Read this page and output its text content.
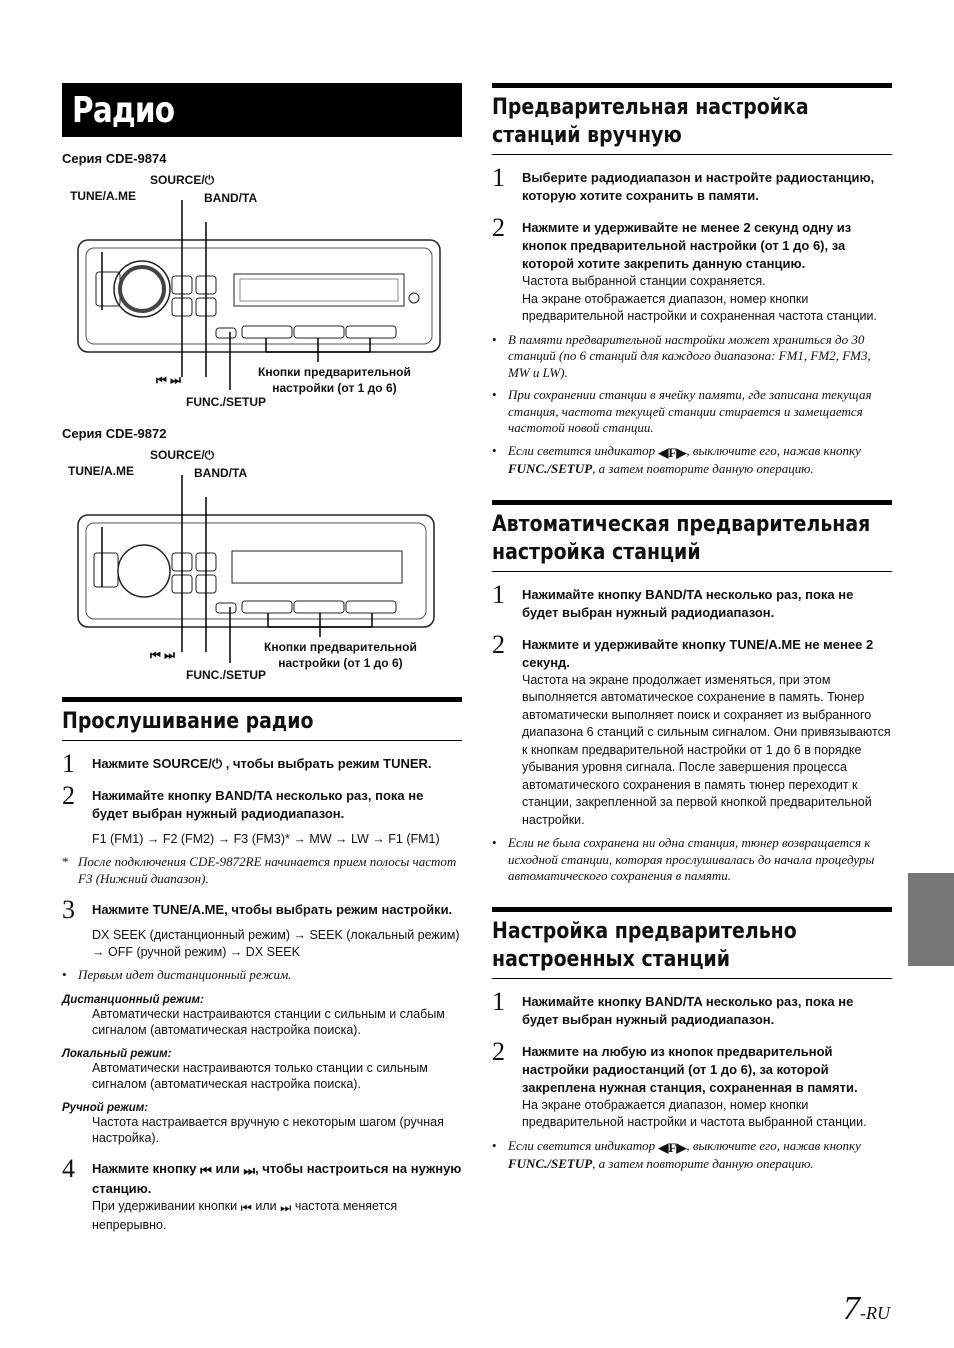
Радио
Серия CDE-9874
SOURCE/⏻
TUNE/A.ME	BAND/TA
⏮ ⏭
Кнопки предварительной
настройки (от 1 до 6)
FUNC./SETUP
Серия CDE-9872
SOURCE/⏻
TUNE/A.ME	BAND/TA
⏮ ⏭
Кнопки предварительной
настройки (от 1 до 6)
FUNC./SETUP
Прослушивание радио
1 Нажмите SOURCE/⏻ , чтобы выбрать режим TUNER.
2 Нажимайте кнопку BAND/TA несколько раз, пока не будет выбран нужный радиодиапазон.
F1 (FM1) → F2 (FM2) → F3 (FM3)* → MW → LW → F1 (FM1)
* После подключения CDE-9872RE начинается прием полосы частот F3 (Нижний диапазон).
3 Нажмите TUNE/A.ME, чтобы выбрать режим настройки.
DX SEEK (дистанционный режим) → SEEK (локальный режим) → OFF (ручной режим) → DX SEEK
• Первым идет дистанционный режим.
Дистанционный режим:
Автоматически настраиваются станции с сильным и слабым сигналом (автоматическая настройка поиска).
Локальный режим:
Автоматически настраиваются только станции с сильным сигналом (автоматическая настройка поиска).
Ручной режим:
Частота настраивается вручную с некоторым шагом (ручная настройка).
4 Нажмите кнопку ⏮ или ⏭, чтобы настроиться на нужную станцию.
При удерживании кнопки ⏮ или ⏭ частота меняется непрерывно.
Предварительная настройка станций вручную
1 Выберите радиодиапазон и настройте радиостанцию, которую хотите сохранить в памяти.
2 Нажмите и удерживайте не менее 2 секунд одну из кнопок предварительной настройки (от 1 до 6), за которой хотите закрепить данную станцию.
Частота выбранной станции сохраняется.
На экране отображается диапазон, номер кнопки предварительной настройки и сохраненная частота станции.
• В памяти предварительной настройки может храниться до 30 станций (по 6 станций для каждого диапазона: FM1, FM2, FM3, MW и LW).
• При сохранении станции в ячейку памяти, где записана текущая станция, частота текущей станции стирается и замещается частотой новой станции.
• Если светится индикатор ◀F▶, выключите его, нажав кнопку FUNC./SETUP, а затем повторите данную операцию.
Автоматическая предварительная настройка станций
1 Нажимайте кнопку BAND/TA несколько раз, пока не будет выбран нужный радиодиапазон.
2 Нажмите и удерживайте кнопку TUNE/A.ME не менее 2 секунд.
Частота на экране продолжает изменяться, при этом выполняется автоматическое сохранение в память. Тюнер автоматически выполняет поиск и сохраняет из выбранного диапазона 6 станций с сильным сигналом. Они привязываются к кнопкам предварительной настройки от 1 до 6 в порядке убывания уровня сигнала. После завершения процесса автоматического сохранения в память тюнер переходит к станции, закрепленной за первой кнопкой предварительной настройки.
• Если не была сохранена ни одна станция, тюнер возвращается к исходной станции, которая прослушивалась до начала процедуры автоматического сохранения в памяти.
Настройка предварительно настроенных станций
1 Нажимайте кнопку BAND/TA несколько раз, пока не будет выбран нужный радиодиапазон.
2 Нажмите на любую из кнопок предварительной настройки радиостанций (от 1 до 6), за которой закреплена нужная станция, сохраненная в памяти.
На экране отображается диапазон, номер кнопки предварительной настройки и частота выбранной станции.
• Если светится индикатор ◀F▶, выключите его, нажав кнопку FUNC./SETUP, а затем повторите данную операцию.
7-RU
